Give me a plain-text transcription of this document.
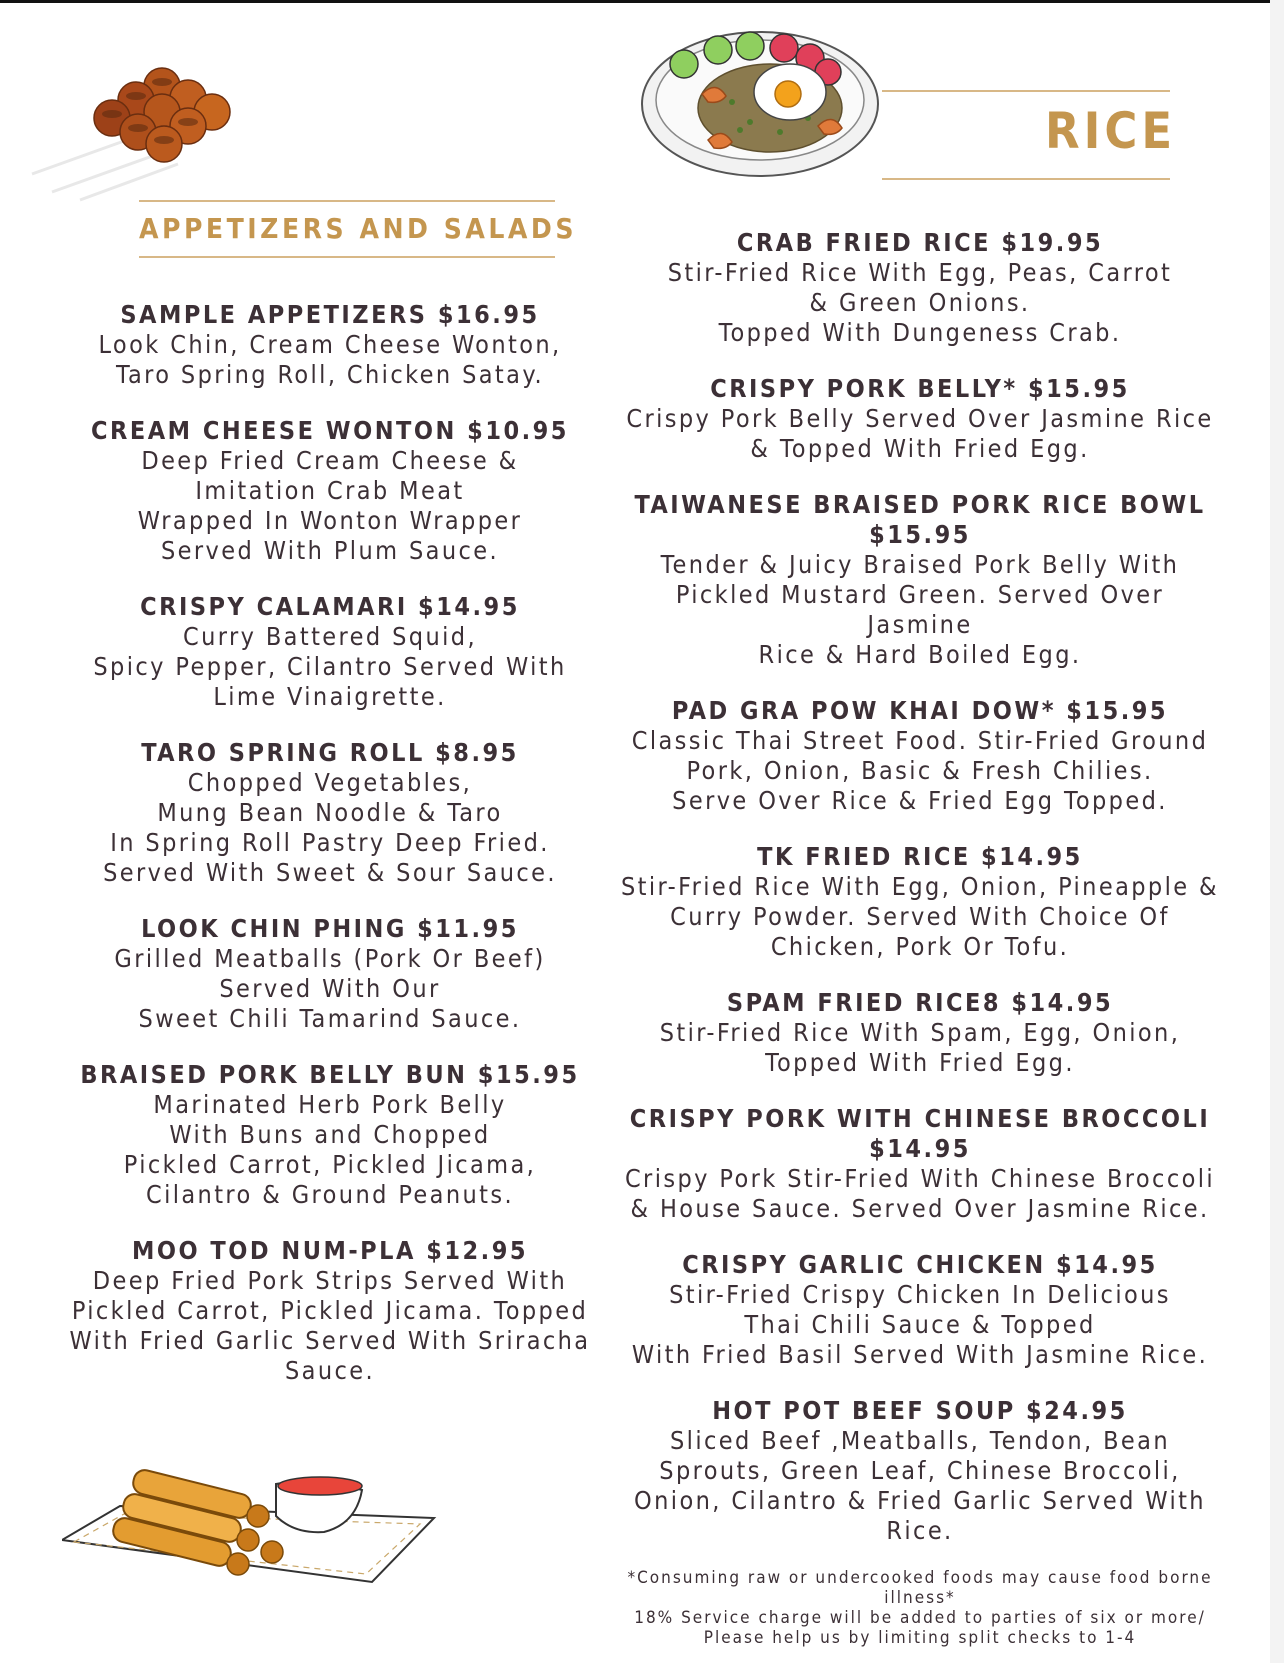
APPETIZERS AND SALADS
RICE
SAMPLE APPETIZERS $16.95
Look Chin, Cream Cheese Wonton,
Taro Spring Roll, Chicken Satay.
CREAM CHEESE WONTON $10.95
Deep Fried Cream Cheese &
Imitation Crab Meat
Wrapped In Wonton Wrapper
Served With Plum Sauce.
CRISPY CALAMARI $14.95
Curry Battered Squid,
Spicy Pepper, Cilantro Served With
Lime Vinaigrette.
TARO SPRING ROLL $8.95
Chopped Vegetables,
Mung Bean Noodle & Taro
In Spring Roll Pastry Deep Fried.
Served With Sweet & Sour Sauce.
LOOK CHIN PHING $11.95
Grilled Meatballs (Pork Or Beef)
Served With Our
Sweet Chili Tamarind Sauce.
BRAISED PORK BELLY BUN $15.95
Marinated Herb Pork Belly
With Buns and Chopped
Pickled Carrot, Pickled Jicama,
Cilantro & Ground Peanuts.
MOO TOD NUM-PLA $12.95
Deep Fried Pork Strips Served With
Pickled Carrot, Pickled Jicama. Topped
With Fried Garlic Served With Sriracha
Sauce.
CRAB FRIED RICE $19.95
Stir-Fried Rice With Egg, Peas, Carrot
& Green Onions.
Topped With Dungeness Crab.
CRISPY PORK BELLY* $15.95
Crispy Pork Belly Served Over Jasmine Rice
& Topped With Fried Egg.
TAIWANESE BRAISED PORK RICE BOWL
$15.95
Tender & Juicy Braised Pork Belly With
Pickled Mustard Green. Served Over Jasmine
Rice & Hard Boiled Egg.
PAD GRA POW KHAI DOW* $15.95
Classic Thai Street Food. Stir-Fried Ground
Pork, Onion, Basic & Fresh Chilies.
Serve Over Rice & Fried Egg Topped.
TK FRIED RICE $14.95
Stir-Fried Rice With Egg, Onion, Pineapple &
Curry Powder. Served With Choice Of
Chicken, Pork Or Tofu.
SPAM FRIED RICE8 $14.95
Stir-Fried Rice With Spam, Egg, Onion,
Topped With Fried Egg.
CRISPY PORK WITH CHINESE BROCCOLI
$14.95
Crispy Pork Stir-Fried With Chinese Broccoli
& House Sauce. Served Over Jasmine Rice.
CRISPY GARLIC CHICKEN $14.95
Stir-Fried Crispy Chicken In Delicious
Thai Chili Sauce & Topped
With Fried Basil Served With Jasmine Rice.
HOT POT BEEF SOUP $24.95
Sliced Beef ,Meatballs, Tendon, Bean
Sprouts, Green Leaf, Chinese Broccoli,
Onion, Cilantro & Fried Garlic Served With
Rice.
*Consuming raw or undercooked foods may cause food borne
illness*
18% Service charge will be added to parties of six or more/
Please help us by limiting split checks to 1-4
